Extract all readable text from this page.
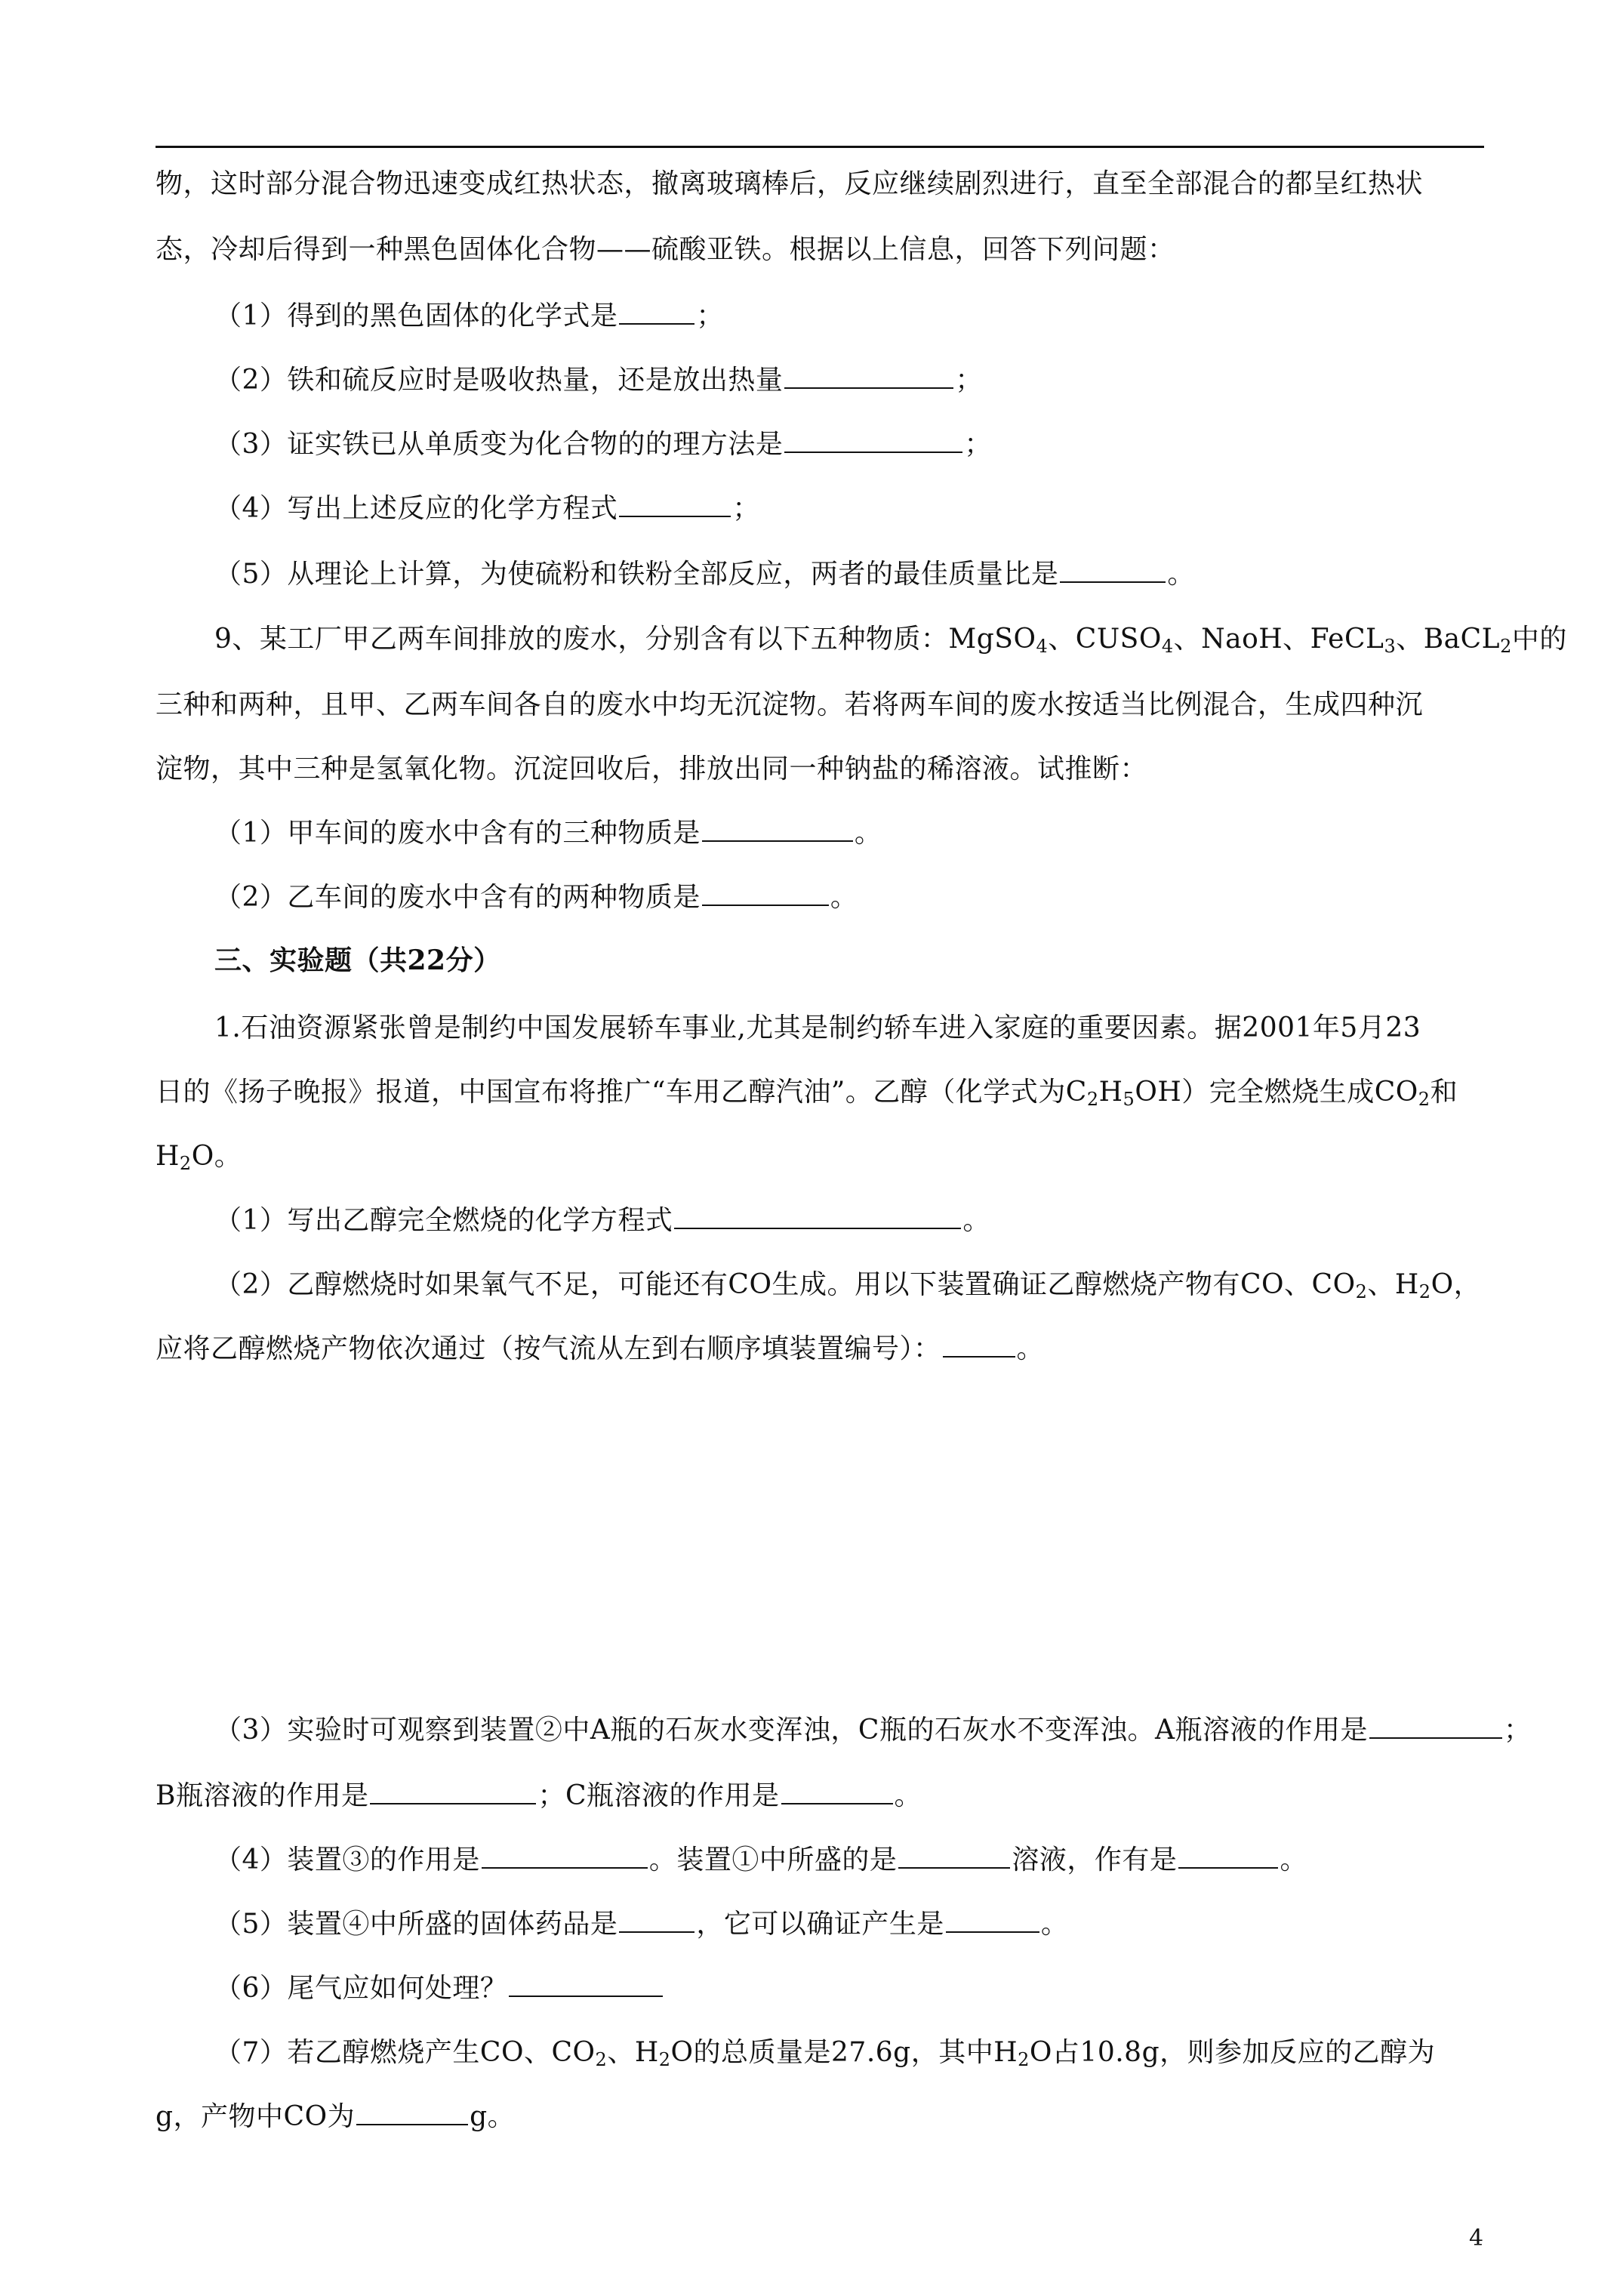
物，这时部分混合物迅速变成红热状态，撤离玻璃棒后，反应继续剧烈进行，直至全部混合的都呈红热状
态，冷却后得到一种黑色固体化合物——硫酸亚铁。根据以上信息，回答下列问题：
（1）得到的黑色固体的化学式是	；
（2）铁和硫反应时是吸收热量，还是放出热量	；
（3）证实铁已从单质变为化合物的的理方法是	；
（4）写出上述反应的化学方程式	；
（5）从理论上计算，为使硫粉和铁粉全部反应，两者的最佳质量比是	。
9、某工厂甲乙两车间排放的废水，分别含有以下五种物质：MgSO$_4$、$CUSO_4$、NaoH、FeCL$_3$、BaCL$_2$中的
三种和两种，且甲、乙两车间各自的废水中均无沉淀物。若将两车间的废水按适当比例混合，生成四种沉
淀物，其中三种是氢氧化物。沉淀回收后，排放出同一种钠盐的稀溶液。试推断：
（1）甲车间的废水中含有的三种物质是	。
（2）乙车间的废水中含有的两种物质是	。
三、实验题（共22分）
1.石油资源紧张曾是制约中国发展轿车事业,尤其是制约轿车进入家庭的重要因素。据2001年5月23
日的《扬子晚报》报道，中国宣布将推广“车用乙醇汽油”。乙醇（化学式为$C_2H_5OH$）完全燃烧生成$CO_2$和
$H_2O$。
（1）写出乙醇完全燃烧的化学方程式	。
（2）乙醇燃烧时如果氧气不足，可能还有CO生成。用以下装置确证乙醇燃烧产物有CO、$CO_2$、$H_2O$，
应将乙醇燃烧产物依次通过（按气流从左到右顺序填装置编号）：	。
（3）实验时可观察到装置②中A瓶的石灰水变浑浊，C瓶的石灰水不变浑浊。A瓶溶液的作用是	；
B瓶溶液的作用是	；C瓶溶液的作用是	。
（4）装置③的作用是	。装置①中所盛的是	溶液，作有是	。
（5）装置④中所盛的固体药品是	，它可以确证产生是	。
（6）尾气应如何处理？
（7）若乙醇燃烧产生CO、$CO_2$、$H_2O$的总质量是27.6g，其中$H_2O$占10.8g，则参加反应的乙醇为
g，产物中CO为	g。
4
